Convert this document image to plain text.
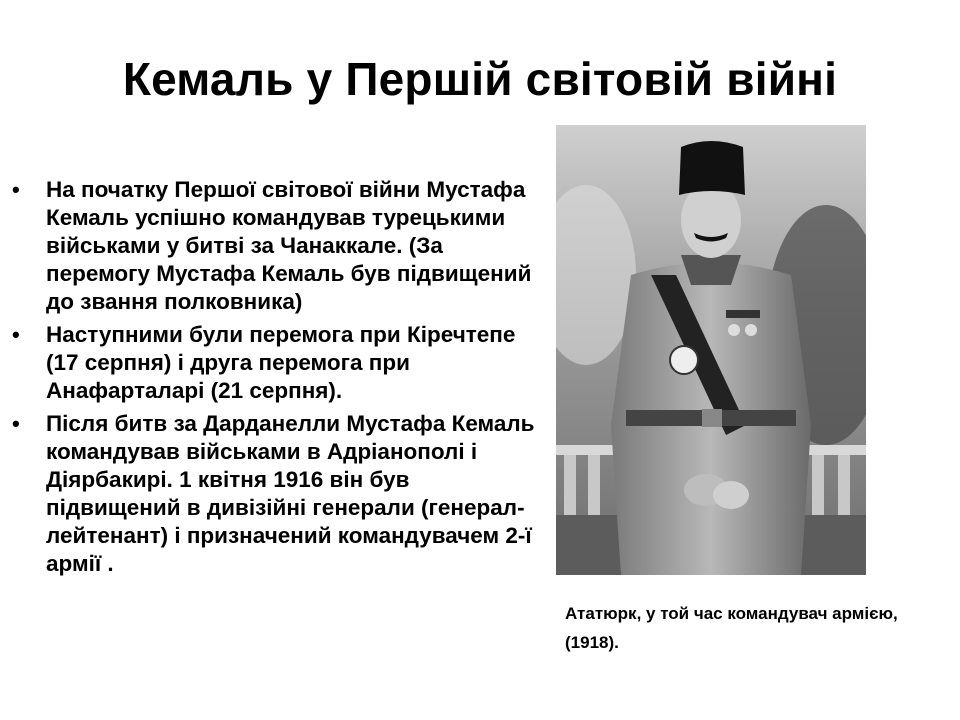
Кемаль у Першій світовій війні
• На початку Першої світової війни Мустафа Кемаль успішно командував турецькими військами у битві за Чанаккале. (За перемогу Мустафа Кемаль був підвищений до звання полковника)
• Наступними були перемога при Кіречтепе (17 серпня) і друга перемога при Анафарталарі (21 серпня).
• Після битв за Дарданелли Мустафа Кемаль командував військами в Адріанополі і Діярбакирі. 1 квітня 1916 він був підвищений в дивізійні генерали (генерал-лейтенант) і призначений командувачем 2-ї армії .
Ататюрк, у той час командувач армією, (1918).
